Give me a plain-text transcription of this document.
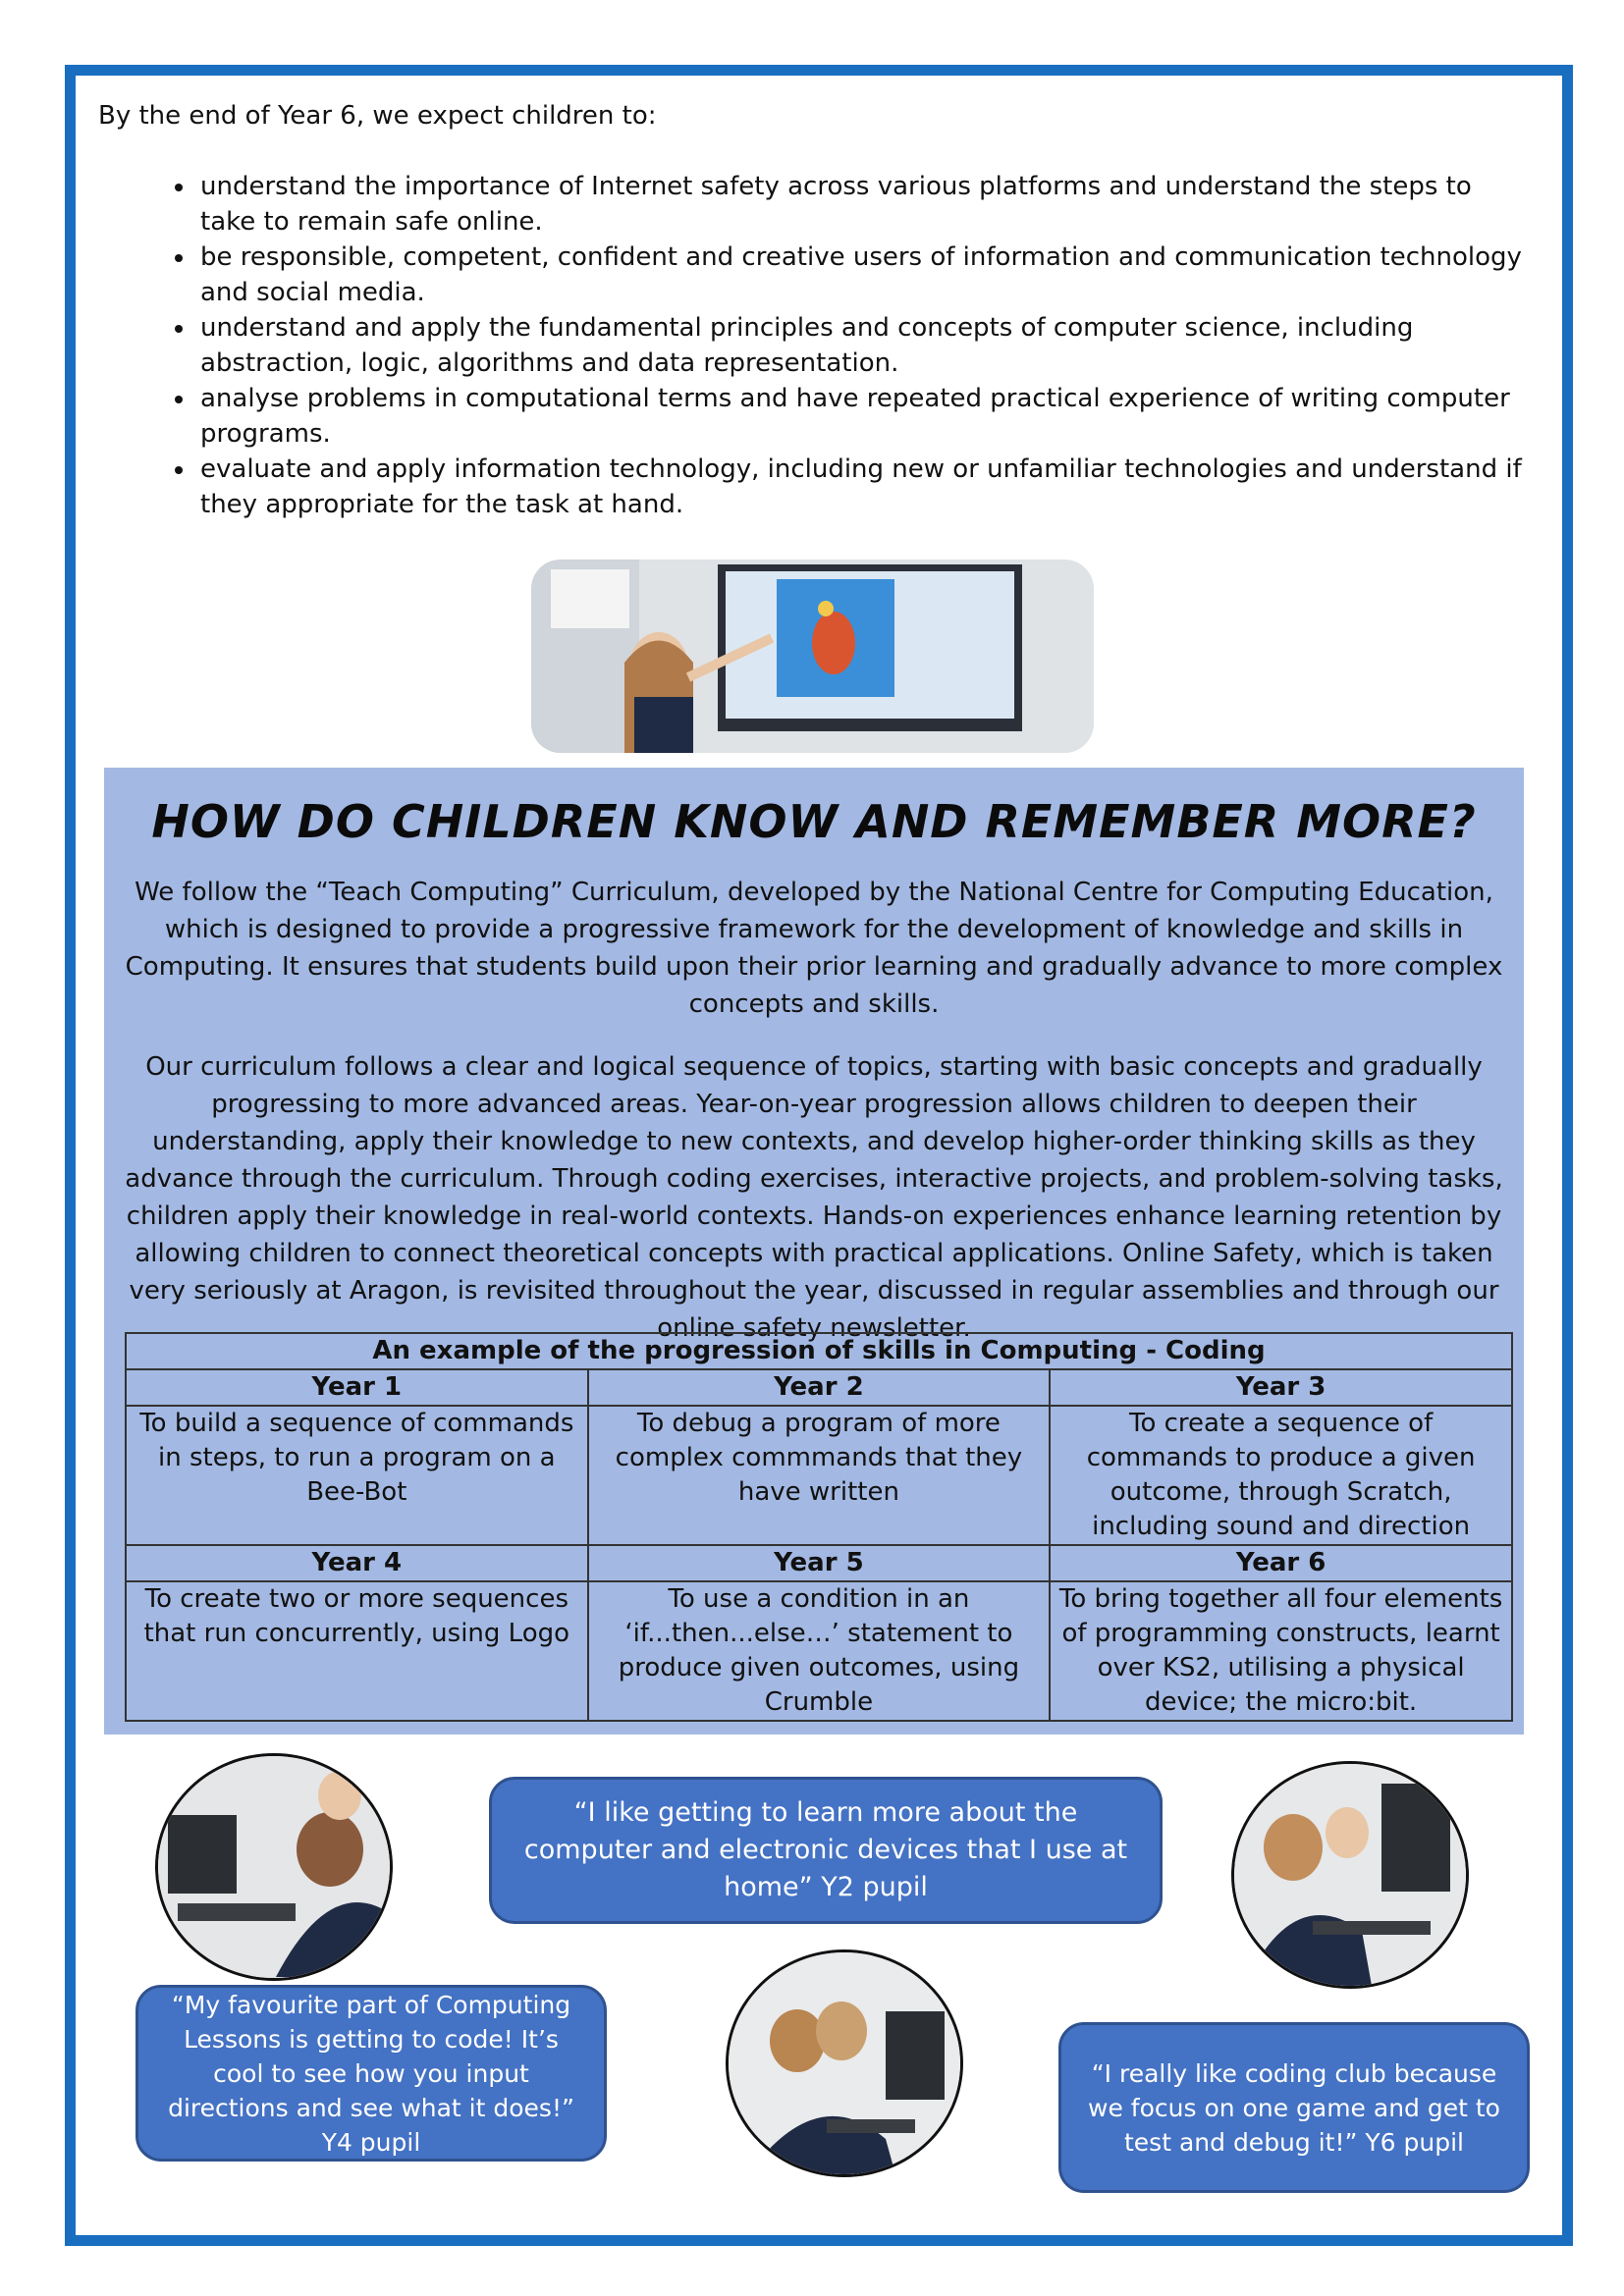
By the end of Year 6, we expect children to:
• understand the importance of Internet safety across various platforms and understand the steps to take to remain safe online.
• be responsible, competent, confident and creative users of information and communication technology and social media.
• understand and apply the fundamental principles and concepts of computer science, including abstraction, logic, algorithms and data representation.
• analyse problems in computational terms and have repeated practical experience of writing computer programs.
• evaluate and apply information technology, including new or unfamiliar technologies and understand if they appropriate for the task at hand.
HOW DO CHILDREN KNOW AND REMEMBER MORE?
We follow the “Teach Computing” Curriculum, developed by the National Centre for Computing Education, which is designed to provide a progressive framework for the development of knowledge and skills in Computing. It ensures that students build upon their prior learning and gradually advance to more complex concepts and skills.
Our curriculum follows a clear and logical sequence of topics, starting with basic concepts and gradually progressing to more advanced areas. Year-on-year progression allows children to deepen their understanding, apply their knowledge to new contexts, and develop higher-order thinking skills as they advance through the curriculum. Through coding exercises, interactive projects, and problem-solving tasks, children apply their knowledge in real-world contexts. Hands-on experiences enhance learning retention by allowing children to connect theoretical concepts with practical applications. Online Safety, which is taken very seriously at Aragon, is revisited throughout the year, discussed in regular assemblies and through our online safety newsletter.
An example of the progression of skills in Computing - Coding		
Year 1	Year 2	Year 3
To build a sequence of commands in steps, to run a program on a Bee-Bot	To debug a program of more complex commmands that they have written	To create a sequence of commands to produce a given outcome, through Scratch, including sound and direction
Year 4	Year 5	Year 6
To create two or more sequences that run concurrently, using Logo	To use a condition in an ‘if...then...else…’ statement to produce given outcomes, using Crumble	To bring together all four elements of programming constructs, learnt over KS2, utilising a physical device; the micro:bit.
“I like getting to learn more about the computer and electronic devices that I use at home” Y2 pupil
“My favourite part of Computing Lessons is getting to code! It’s cool to see how you input directions and see what it does!” Y4 pupil
“I really like coding club because we focus on one game and get to test and debug it!” Y6 pupil
